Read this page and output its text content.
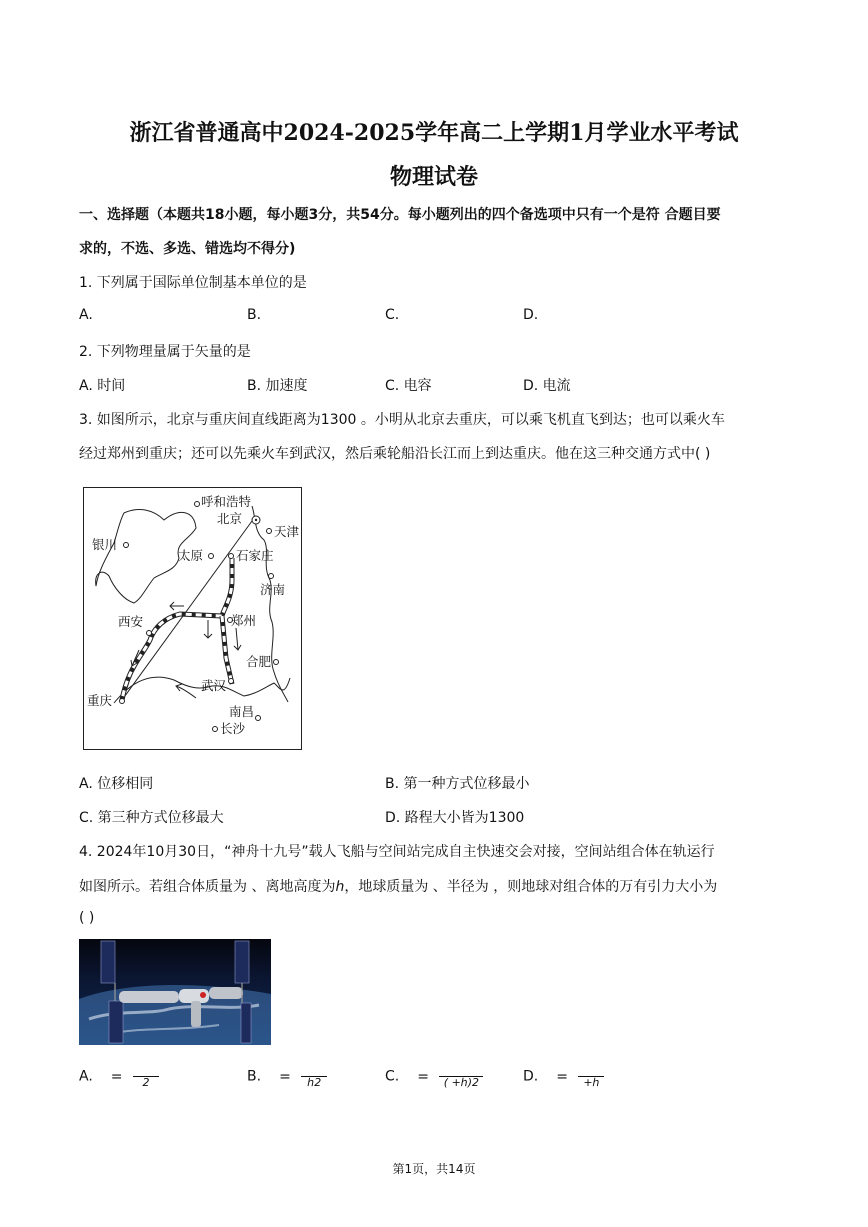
浙江省普通高中2024-2025学年高二上学期1月学业水平考试
物理试卷
一、选择题（本题共18小题，每小题3分，共54分。每小题列出的四个备选项中只有一个是符 合题目要
求的，不选、多选、错选均不得分)
1. 下列属于国际单位制基本单位的是
A.	B.	C.	D.
2. 下列物理量属于矢量的是
A. 时间	B. 加速度	C. 电容	D. 电流
3. 如图所示，北京与重庆间直线距离为1300 。小明从北京去重庆，可以乘飞机直飞到达；也可以乘火车
经过郑州到重庆；还可以先乘火车到武汉，然后乘轮船沿长江而上到达重庆。他在这三种交通方式中( )
呼和浩特
北京
天津
银川
太原	石家庄
济南
西安	郑州
合肥
武汉
重庆
南昌
长沙
A. 位移相同	B. 第一种方式位移最小
C. 第三种方式位移最大	D. 路程大小皆为1300
4. 2024年10月30日，“神舟十九号”载人飞船与空间站完成自主快速交会对接，空间站组合体在轨运行
如图所示。若组合体质量为 、离地高度为ℎ，地球质量为 、半径为 ，则地球对组合体的万有引力大小为
( )
A. =	2	B. =	ℎ2	C. =	( +ℎ)2	D. =	+ℎ
第1页，共14页
